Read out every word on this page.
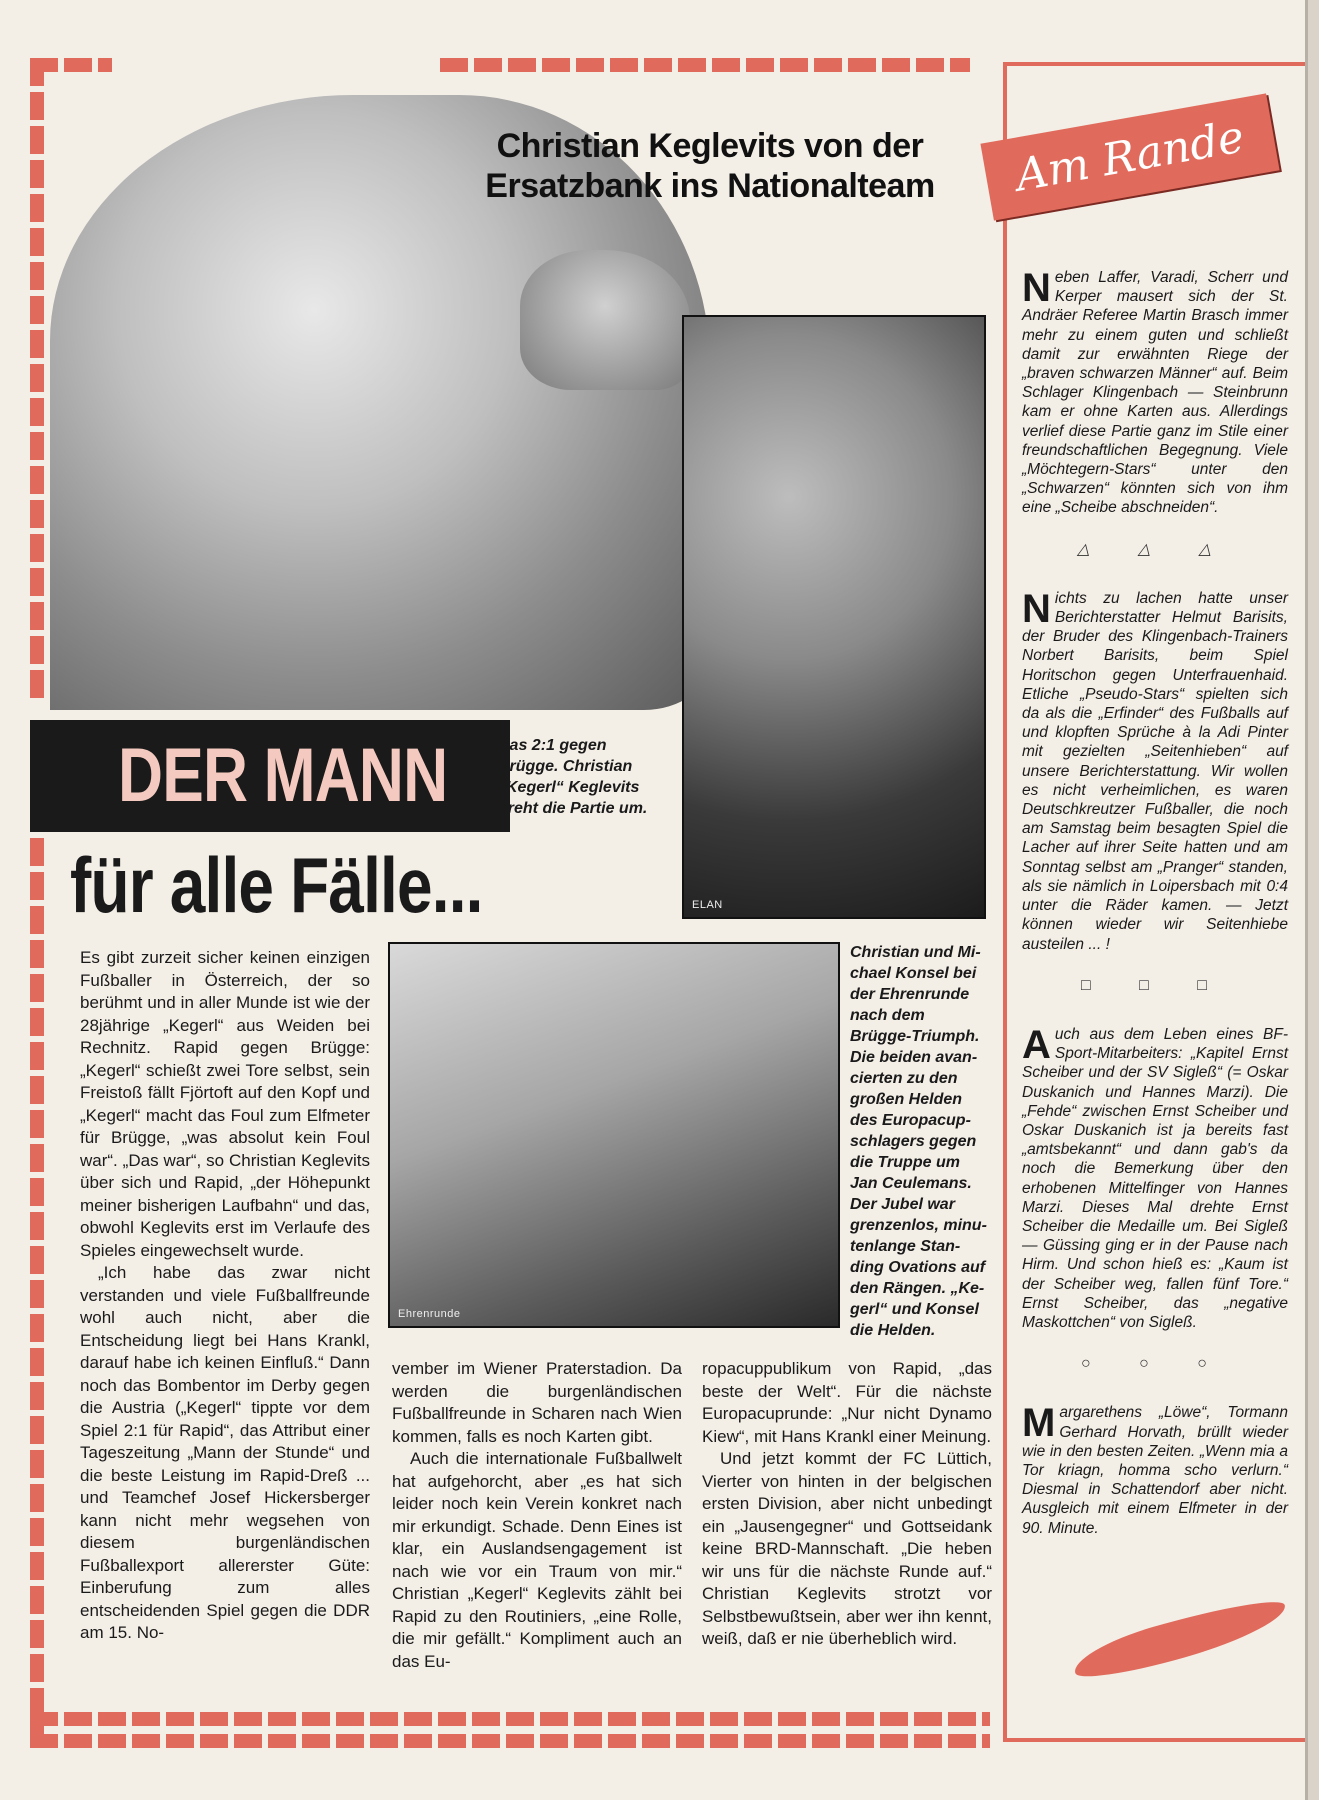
Christian Keglevits von der
Ersatzbank ins Nationalteam
ELAN
DER MANN	Das 2:1 gegen
Brügge. Christian
„Kegerl“ Keglevits
dreht die Partie um.
für alle Fälle...
Ehrenrunde
Christian und Mi-
chael Konsel bei
der Ehrenrunde
nach dem
Brügge-Triumph.
Die beiden avan-
cierten zu den
großen Helden
des Europacup-
schlagers gegen
die Truppe um
Jan Ceulemans.
Der Jubel war
grenzenlos, minu-
tenlange Stan-
ding Ovations auf
den Rängen. „Ke-
gerl“ und Konsel
die Helden.

Es gibt zurzeit sicher keinen einzigen Fußballer in Österreich, der so berühmt und in aller Munde ist wie der 28jährige „Kegerl“ aus Weiden bei Rechnitz. Rapid gegen Brügge: „Kegerl“ schießt zwei Tore selbst, sein Freistoß fällt Fjörtoft auf den Kopf und „Kegerl“ macht das Foul zum Elfmeter für Brügge, „was absolut kein Foul war“. „Das war“, so Christian Keglevits über sich und Rapid, „der Höhepunkt meiner bisherigen Laufbahn“ und das, obwohl Keglevits erst im Verlaufe des Spieles eingewechselt wurde.

„Ich habe das zwar nicht verstanden und viele Fußballfreunde wohl auch nicht, aber die Entscheidung liegt bei Hans Krankl, darauf habe ich keinen Einfluß.“ Dann noch das Bombentor im Derby gegen die Austria („Kegerl“ tippte vor dem Spiel 2:1 für Rapid“, das Attribut einer Tageszeitung „Mann der Stunde“ und die beste Leistung im Rapid-Dreß ... und Teamchef Josef Hickersberger kann nicht mehr wegsehen von diesem burgenländischen Fußballexport allererster Güte: Einberufung zum alles entscheidenden Spiel gegen die DDR am 15. No-

vember im Wiener Praterstadion. Da werden die burgenländischen Fußballfreunde in Scharen nach Wien kommen, falls es noch Karten gibt.

Auch die internationale Fußballwelt hat aufgehorcht, aber „es hat sich leider noch kein Verein konkret nach mir erkundigt. Schade. Denn Eines ist klar, ein Auslandsengagement ist nach wie vor ein Traum von mir.“ Christian „Kegerl“ Keglevits zählt bei Rapid zu den Routiniers, „eine Rolle, die mir gefällt.“ Kompliment auch an das Eu-

ropacuppublikum von Rapid, „das beste der Welt“. Für die nächste Europacuprunde: „Nur nicht Dynamo Kiew“, mit Hans Krankl einer Meinung.

Und jetzt kommt der FC Lüttich, Vierter von hinten in der belgischen ersten Division, aber nicht unbedingt ein „Jausengegner“ und Gottseidank keine BRD-Mannschaft. „Die heben wir uns für die nächste Runde auf.“ Christian Keglevits strotzt vor Selbstbewußtsein, aber wer ihn kennt, weiß, daß er nie überheblich wird.

Am Rande

Neben Laffer, Varadi, Scherr und Kerper mausert sich der St. Andräer Referee Martin Brasch immer mehr zu einem guten und schließt damit zur erwähnten Riege der „braven schwarzen Männer“ auf. Beim Schlager Klingenbach — Steinbrunn kam er ohne Karten aus. Allerdings verlief diese Partie ganz im Stile einer freundschaftlichen Begegnung. Viele „Möchtegern-Stars“ unter den „Schwarzen“ könnten sich von ihm eine „Scheibe abschneiden“.

△ △ △

Nichts zu lachen hatte unser Berichterstatter Helmut Barisits, der Bruder des Klingenbach-Trainers Norbert Barisits, beim Spiel Horitschon gegen Unterfrauenhaid. Etliche „Pseudo-Stars“ spielten sich da als die „Erfinder“ des Fußballs auf und klopften Sprüche à la Adi Pinter mit gezielten „Seitenhieben“ auf unsere Berichterstattung. Wir wollen es nicht verheimlichen, es waren Deutschkreutzer Fußballer, die noch am Samstag beim besagten Spiel die Lacher auf ihrer Seite hatten und am Sonntag selbst am „Pranger“ standen, als sie nämlich in Loipersbach mit 0:4 unter die Räder kamen. — Jetzt können wieder wir Seitenhiebe austeilen ... !

□ □ □

Auch aus dem Leben eines BF-Sport-Mitarbeiters: „Kapitel Ernst Scheiber und der SV Sigleß“ (= Oskar Duskanich und Hannes Marzi). Die „Fehde“ zwischen Ernst Scheiber und Oskar Duskanich ist ja bereits fast „amtsbekannt“ und dann gab's da noch die Bemerkung über den erhobenen Mittelfinger von Hannes Marzi. Dieses Mal drehte Ernst Scheiber die Medaille um. Bei Sigleß — Güssing ging er in der Pause nach Hirm. Und schon hieß es: „Kaum ist der Scheiber weg, fallen fünf Tore.“ Ernst Scheiber, das „negative Maskottchen“ von Sigleß.

○ ○ ○

Margarethens „Löwe“, Tormann Gerhard Horvath, brüllt wieder wie in den besten Zeiten. „Wenn mia a Tor kriagn, homma scho verlurn.“ Diesmal in Schattendorf aber nicht. Ausgleich mit einem Elfmeter in der 90. Minute.
